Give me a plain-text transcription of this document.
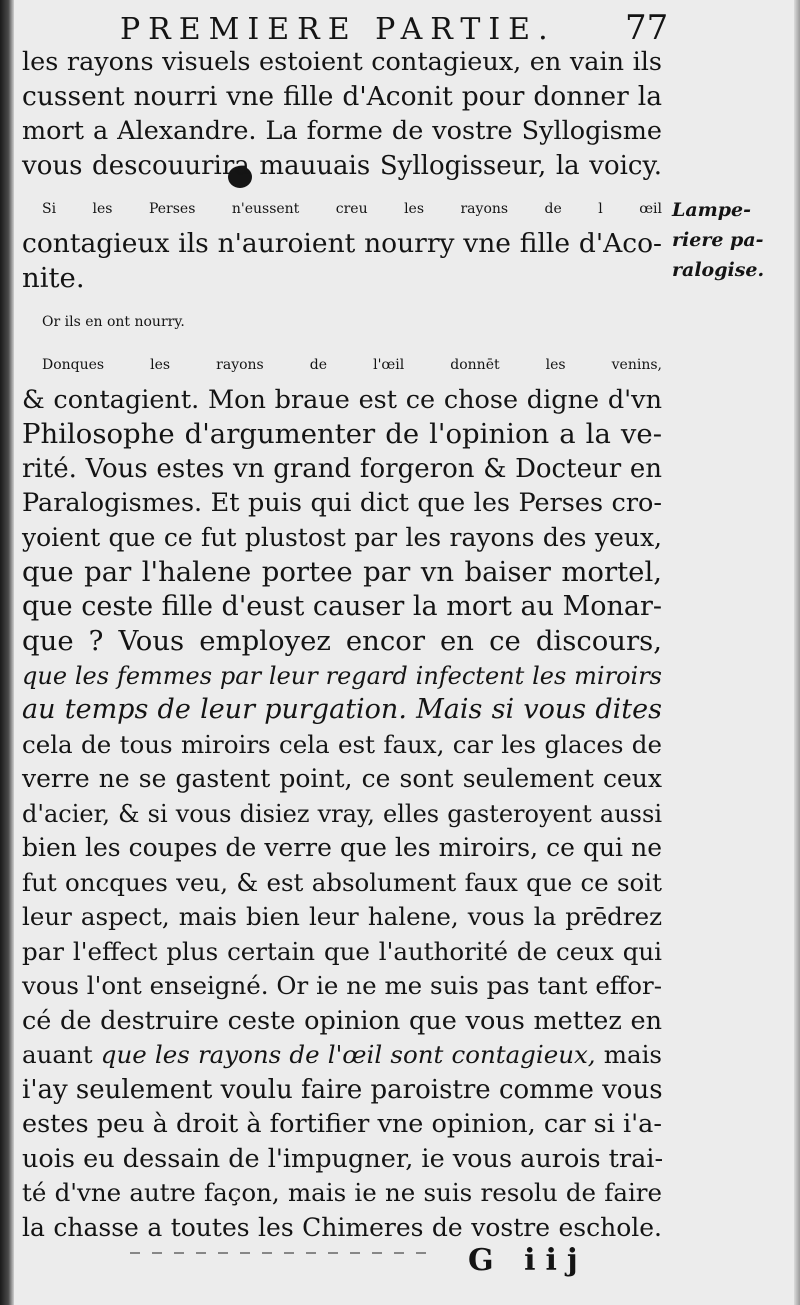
PREMIERE PARTIE. 77
les rayons visuels estoient contagieux, en vain ils
cussent nourri vne fille d'Aconit pour donner la
mort a Alexandre. La forme de vostre Syllogisme
vous descouurira mauuais Syllogisseur, la voicy.
Si les Perses n'eussent creu les rayons de l œil
contagieux ils n'auroient nourry vne fille d'Aco-
nite.
Or ils en ont nourry.
Donques les rayons de l'œil donnēt les venins,
& contagient. Mon braue est ce chose digne d'vn
Philosophe d'argumenter de l'opinion a la ve-
rité. Vous estes vn grand forgeron & Docteur en
Paralogismes. Et puis qui dict que les Perses cro-
yoient que ce fut plustost par les rayons des yeux,
que par l'halene portee par vn baiser mortel,
que ceste fille d'eust causer la mort au Monar-
que ? Vous employez encor en ce discours,
que les femmes par leur regard infectent les miroirs
au temps de leur purgation. Mais si vous dites
cela de tous miroirs cela est faux, car les glaces de
verre ne se gastent point, ce sont seulement ceux
d'acier, & si vous disiez vray, elles gasteroyent aussi
bien les coupes de verre que les miroirs, ce qui ne
fut oncques veu, & est absolument faux que ce soit
leur aspect, mais bien leur halene, vous la prēdrez
par l'effect plus certain que l'authorité de ceux qui
vous l'ont enseigné. Or ie ne me suis pas tant effor-
cé de destruire ceste opinion que vous mettez en
auant que les rayons de l'œil sont contagieux, mais
i'ay seulement voulu faire paroistre comme vous
estes peu à droit à fortifier vne opinion, car si i'a-
uois eu dessain de l'impugner, ie vous aurois trai-
té d'vne autre façon, mais ie ne suis resolu de faire
la chasse a toutes les Chimeres de vostre eschole.
Lampe-
riere pa-
ralogise.
G iij
